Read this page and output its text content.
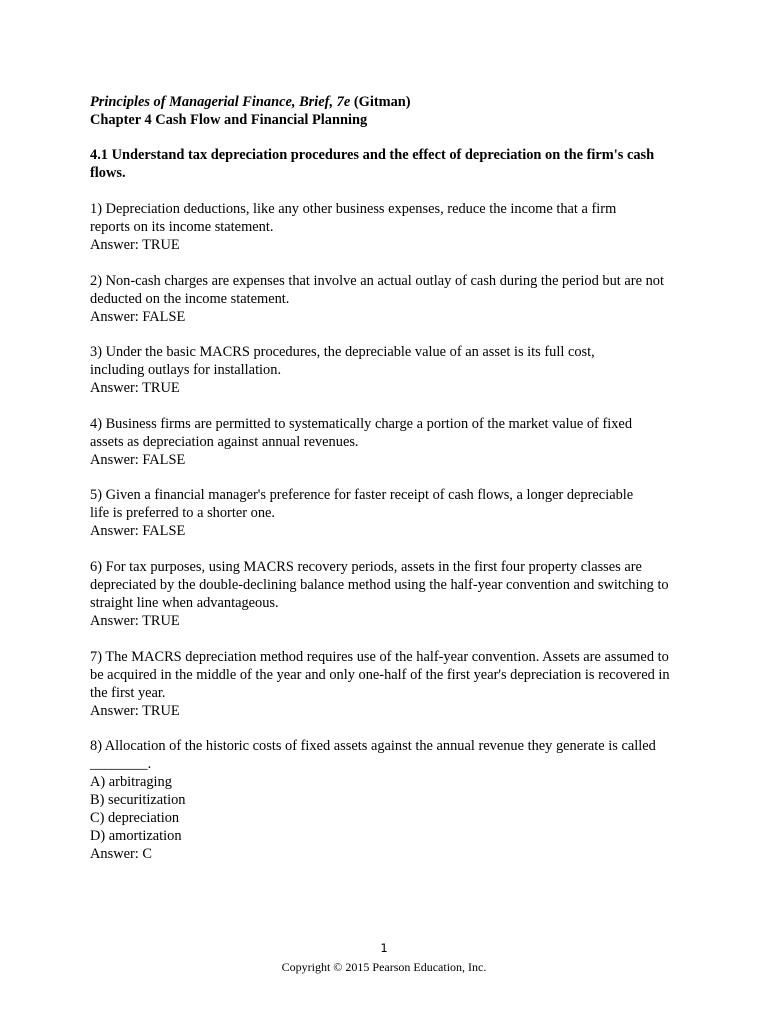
Principles of Managerial Finance, Brief, 7e (Gitman)

Chapter 4 Cash Flow and Financial Planning

4.1 Understand tax depreciation procedures and the effect of depreciation on the firm's cash flows.

1) Depreciation deductions, like any other business expenses, reduce the income that a firm reports on its income statement.

Answer: TRUE

2) Non-cash charges are expenses that involve an actual outlay of cash during the period but are not deducted on the income statement.

Answer: FALSE

3) Under the basic MACRS procedures, the depreciable value of an asset is its full cost, including outlays for installation.

Answer: TRUE

4) Business firms are permitted to systematically charge a portion of the market value of fixed assets as depreciation against annual revenues.

Answer: FALSE

5) Given a financial manager's preference for faster receipt of cash flows, a longer depreciable life is preferred to a shorter one.

Answer: FALSE

6) For tax purposes, using MACRS recovery periods, assets in the first four property classes are depreciated by the double-declining balance method using the half-year convention and switching to straight line when advantageous.

Answer: TRUE

7) The MACRS depreciation method requires use of the half-year convention. Assets are assumed to be acquired in the middle of the year and only one-half of the first year's depreciation is recovered in the first year.

Answer: TRUE

8) Allocation of the historic costs of fixed assets against the annual revenue they generate is called ________.

A) arbitraging

B) securitization

C) depreciation

D) amortization

Answer: C

1
Copyright © 2015 Pearson Education, Inc.
